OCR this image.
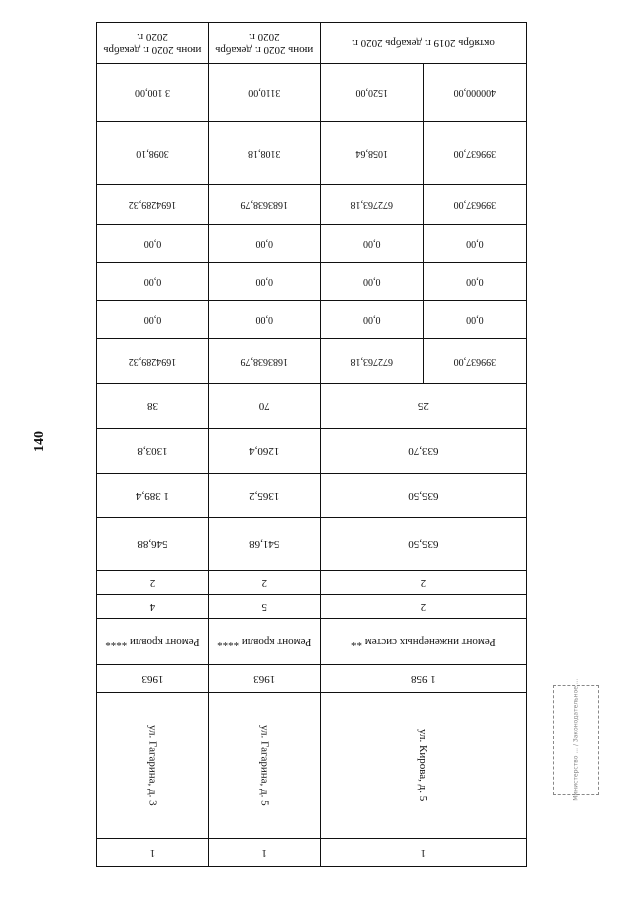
140
1		1	1
ул. Кирова, д. 5		ул. Гагарина, д. 5	ул. Гагарина, д. 3
1 958		1963	1963
Ремонт инженерных систем **		Ремонт кровли ****	Ремонт кровли ****
2		5	4
2		2	2
635,50		541,68	546,88
635,50		1365,2	1 389,4
633,70		1260,4	1303,8
25		70	38
399637,00	672763,18	1683638,79	1694289,32
0,00	0,00	0,00	0,00
0,00	0,00	0,00	0,00
0,00	0,00	0,00	0,00
399637,00	672763,18	1683638,79	1694289,32
399637,00	1058,64	3108,18	3098,10
400000,00	1520,00	3110,00	3 100,00
октябрь 2019 г. декабрь 2020 г.		июнь 2020 г. декабрь 2020 г.	июнь 2020 г. декабрь 2020 г.
Министерство ... / Законодательное ...
